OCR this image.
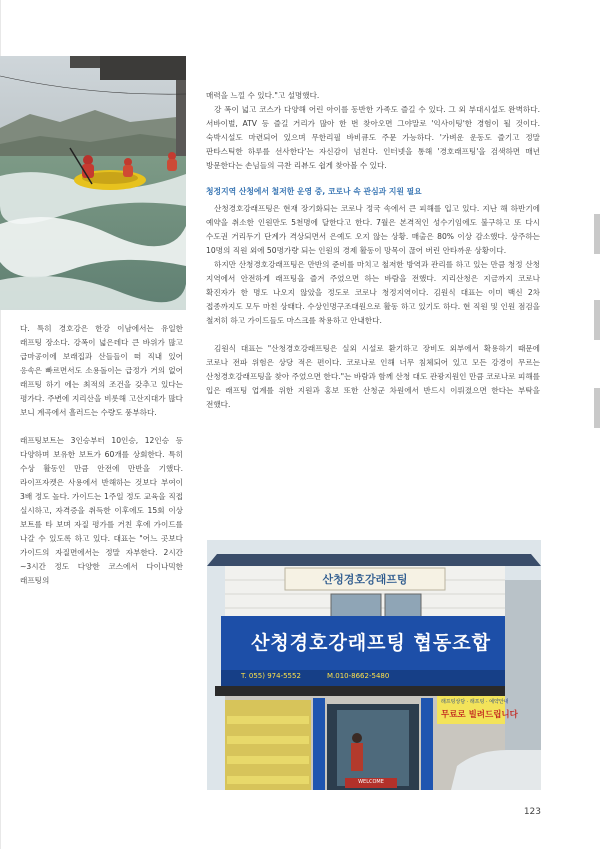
다. 특히 경호강은 한강 이남에서는 유일한 래프팅 장소다. 강폭이 넓은데다 큰 바위가 많고 급마공이에 보래집과 산들들이 떠 직내 있어 응속은 빠르면서도 소용돌이는 급정가 거의 없어 래프팅 하기 에는 최적의 조건을 갖추고 있다는 평가다. 주변에 지리산을 비롯해 고산지대가 많다 보니 계곡에서 흘러드는 수량도 풍부하다.

래프팅보트는 3인승부터 10인승, 12인승 등 다양하며 보유한 보트가 60개를 상회한다. 특히 수상 활동인 만큼 안전에 만반을 기했다. 라이프자켓은 사용에서 반해하는 것보다 부여이 3배 정도 높다. 가이드는 1주일 정도 교육을 직접 실시하고, 자격증을 취득한 이후에도 15회 이상 보트를 타 보며 자질 평가를 거친 후에 가이드를 나갈 수 있도록 하고 있다. 대표는 "어느 곳보다 가이드의 자질면에서는 정말 자부한다. 2시간~3시간 정도 다양한 코스에서 다이나믹한 래프팅의

매력을 느낄 수 있다."고 설명했다.

강 폭이 넓고 코스가 다양해 어린 아이를 동반한 가족도 즐길 수 있다. 그 외 부대시설도 완벽하다. 서바이벌, ATV 등 즐길 거리가 많아 한 번 찾아오면 그야말로 '익사이팅'한 경험이 될 것이다. 숙박시설도 마련되어 있으며 무한리필 바비큐도 주문 가능하다. '가벼운 운동도 즐기고 정말 판타스틱한 하루를 선사한다'는 자신감이 넘친다. 인터넷을 통해 '경호래프팅'을 검색하면 매년 방문한다는 손님들의 극찬 리뷰도 쉽게 찾아볼 수 있다.

청정지역 산청에서 철저한 운영 중, 코로나 속 관심과 지원 필요

산청경호강래프팅은 현재 장기화되는 코로나 정국 속에서 큰 피해를 입고 있다. 지난 해 하반기에 예약을 취소한 인원만도 5천명에 달한다고 한다. 7월은 본격적인 성수기임에도 불구하고 또 다시 수도권 거리두기 단계가 격상되면서 은예도 오지 않는 상황. 매출은 80% 이상 감소했다. 상주하는 10명의 직원 외에 50명가량 되는 인원의 경제 활동이 망목이 끊어 버린 안타까운 상황이다.

하지만 산청경호강래프팅은 만반의 준비를 마치고 철저한 방역과 관리를 하고 있는 만큼 청정 산청 지역에서 안전하게 래프팅을 즐겨 주었으면 하는 바람을 전했다. 지리산청은 지금까지 코로나 확진자가 한 명도 나오지 않았을 정도로 코로나 청정지역이다. 김원식 대표는 이미 백신 2차 접종까지도 모두 마친 상태다. 수상인명구조대원으로 활동 하고 있기도 하다. 현 직원 및 인원 점검을 철저히 하고 가이드들도 마스크를 착용하고 안내한다.

김원식 대표는 "산청경호강래프팅은 실외 시설로 환기하고 장비도 외부에서 확용하기 때문에 코로나 전파 위험은 상당 적은 편이다. 코로나로 인해 너무 침체되어 있고 모든 강경이 무르는 산청경호강래프팅을 찾아 주었으면 한다."는 바람과 함께 산청 대도 관광지원인 만큼 코로나로 피해를 입은 래프팅 업계를 위한 지원과 홍보 또한 산청군 차원에서 반드시 이뤄졌으면 한다는 부탁을 전했다.

산청경호강래프팅
산청경호강래프팅 협동조합
T. 055) 974-5552	M.010-8662-5480
래프팅상담 · 래프팅 · 예약안내
무료로 빌려드립니다
WELCOME
123
